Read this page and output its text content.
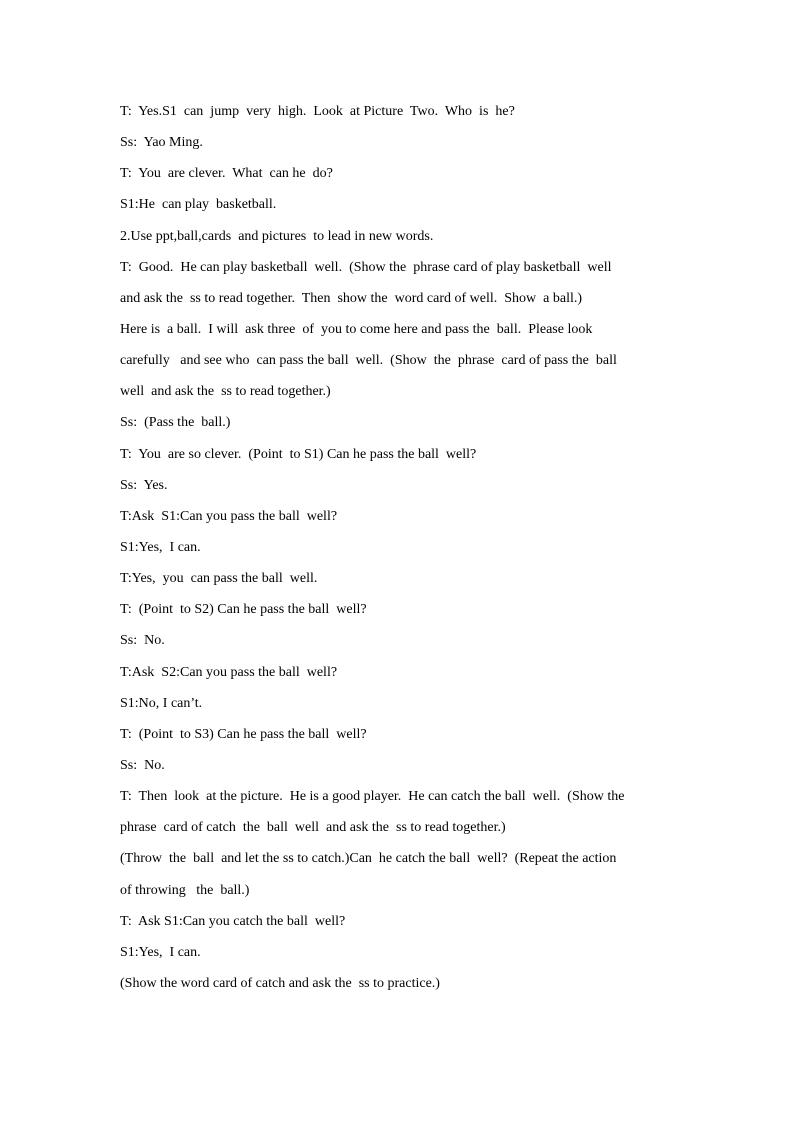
T:  Yes.S1  can  jump  very  high.  Look  at Picture  Two.  Who  is  he?
Ss:  Yao Ming.
T:  You  are clever.  What  can he  do?
S1:He  can play  basketball.
2.Use ppt,ball,cards  and pictures  to lead in new words.
T:  Good.  He can play basketball  well.  (Show the  phrase card of play basketball  well
and ask the  ss to read together.  Then  show the  word card of well.  Show  a ball.)
Here is  a ball.  I will  ask three  of  you to come here and pass the  ball.  Please look
carefully   and see who  can pass the ball  well.  (Show  the  phrase  card of pass the  ball
well  and ask the  ss to read together.)
Ss:  (Pass the  ball.)
T:  You  are so clever.  (Point  to S1) Can he pass the ball  well?
Ss:  Yes.
T:Ask  S1:Can you pass the ball  well?
S1:Yes,  I can.
T:Yes,  you  can pass the ball  well.
T:  (Point  to S2) Can he pass the ball  well?
Ss:  No.
T:Ask  S2:Can you pass the ball  well?
S1:No, I can’t.
T:  (Point  to S3) Can he pass the ball  well?
Ss:  No.
T:  Then  look  at the picture.  He is a good player.  He can catch the ball  well.  (Show the
phrase  card of catch  the  ball  well  and ask the  ss to read together.)
(Throw  the  ball  and let the ss to catch.)Can  he catch the ball  well?  (Repeat the action
of throwing   the  ball.)
T:  Ask S1:Can you catch the ball  well?
S1:Yes,  I can.
(Show the word card of catch and ask the  ss to practice.)
